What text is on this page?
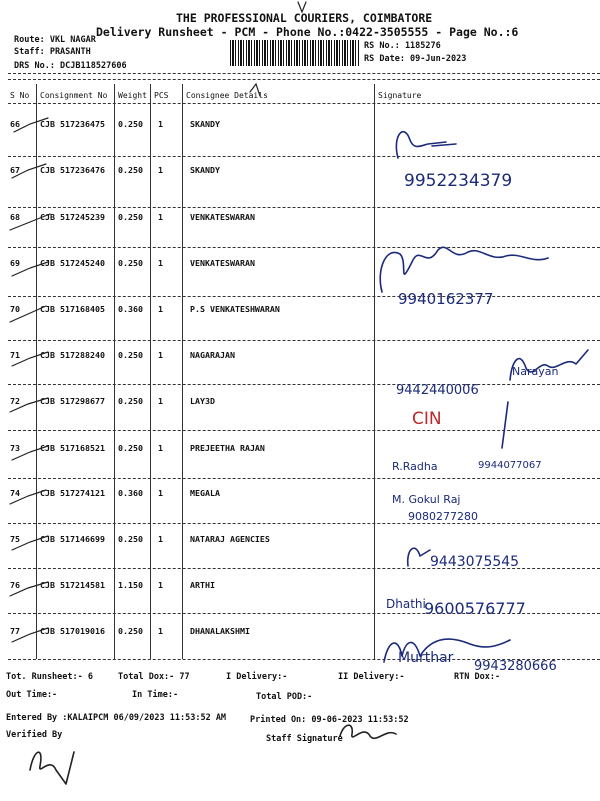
THE PROFESSIONAL COURIERS, COIMBATORE
Delivery Runsheet - PCM - Phone No.:0422-3505555 - Page No.:6
Route: VKL NAGAR
Staff: PRASANTH
DRS No.: DCJB118527606
RS No.: 1185276
RS Date: 09-Jun-2023
S No Consignment No Weight PCS Consignee Details	Signature
66 CJB 517236475 0.250 1	SKANDY
67 CJB 517236476 0.250 1	SKANDY
68 CJB 517245239 0.250 1	VENKATESWARAN
69 CJB 517245240 0.250 1	VENKATESWARAN
70 CJB 517168405 0.360 1	P.S VENKATESHWARAN
71 CJB 517288240 0.250 1	NAGARAJAN
72 CJB 517298677 0.250 1	LAY3D
73 CJB 517168521 0.250 1	PREJEETHA RAJAN
74 CJB 517274121 0.360 1	MEGALA
75 CJB 517146699 0.250 1	NATARAJ AGENCIES
76 CJB 517214581 1.150 1	ARTHI
77 CJB 517019016 0.250 1	DHANALAKSHMI
9952234379
9940162377
9442440006
Narayan
CIN
R.Radha	9944077067
M. Gokul Raj
9080277280
9443075545
Dhathi
9600576777
Murthar
9943280666
Tot. Runsheet:- 6	Total Dox:- 77	I Delivery:-	II Delivery:-	RTN Dox:-
Out Time:-	In Time:-	Total POD:-
Entered By :KALAIPCM 06/09/2023 11:53:52 AM	Printed On: 09-06-2023 11:53:52
Verified By	Staff Signature
